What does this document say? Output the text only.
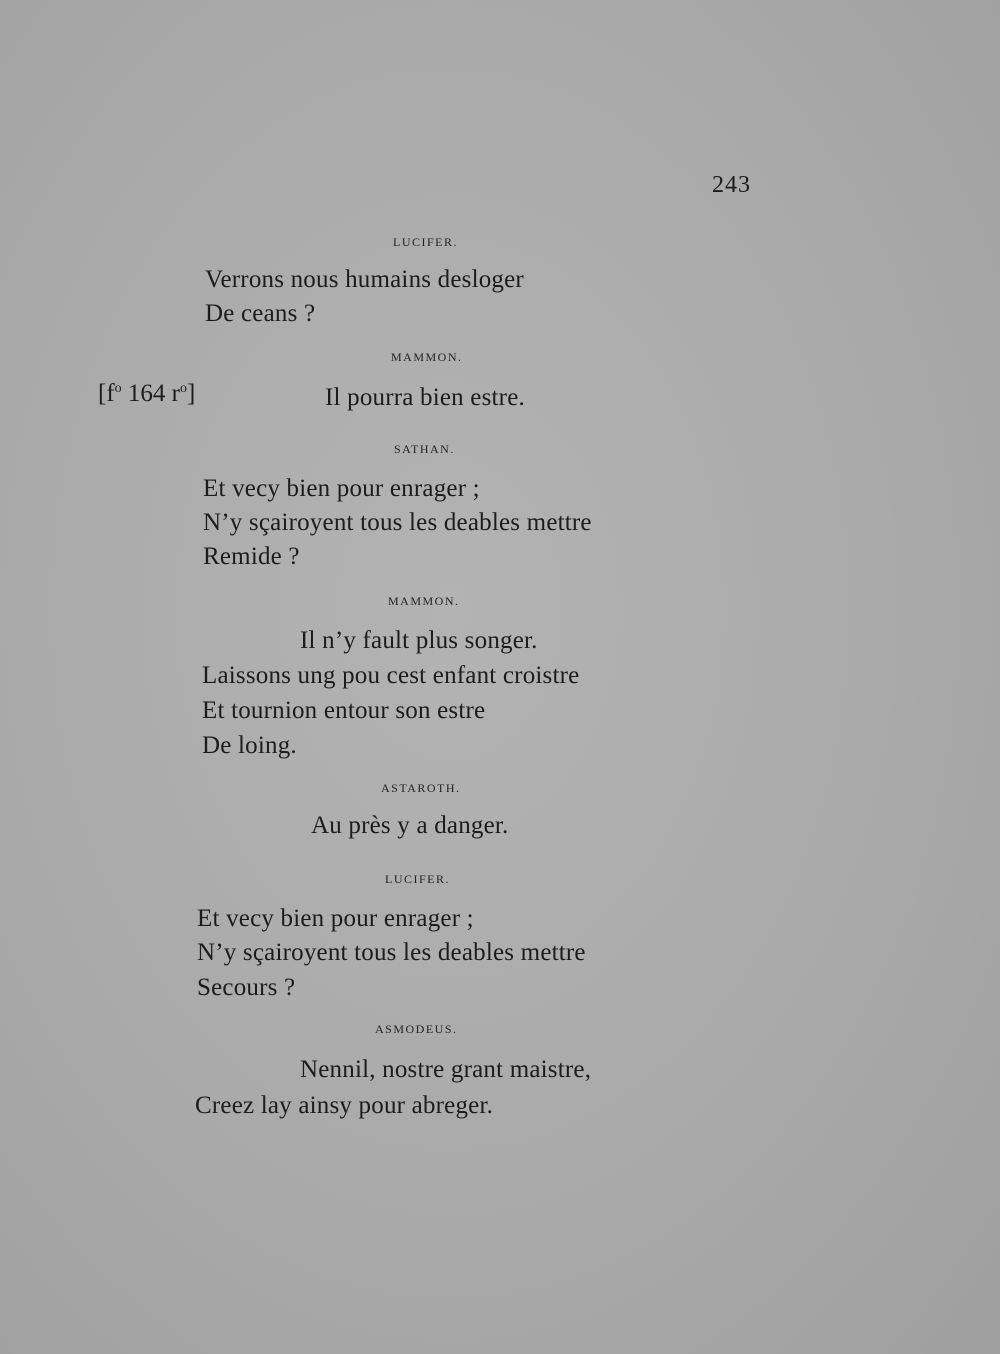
243
LUCIFER.
Verrons nous humains desloger
De ceans ?
MAMMON.
[$f^o$ 164 $r^o$]	Il pourra bien estre.
SATHAN.
Et vecy bien pour enrager ;
N’y sçairoyent tous les deables mettre
Remide ?
MAMMON.
Il n’y fault plus songer.
Laissons ung pou cest enfant croistre
Et tournion entour son estre
De loing.
ASTAROTH.
Au près y a danger.
LUCIFER.
Et vecy bien pour enrager ;
N’y sçairoyent tous les deables mettre
Secours ?
ASMODEUS.
Nennil, nostre grant maistre,
Creez lay ainsy pour abreger.
